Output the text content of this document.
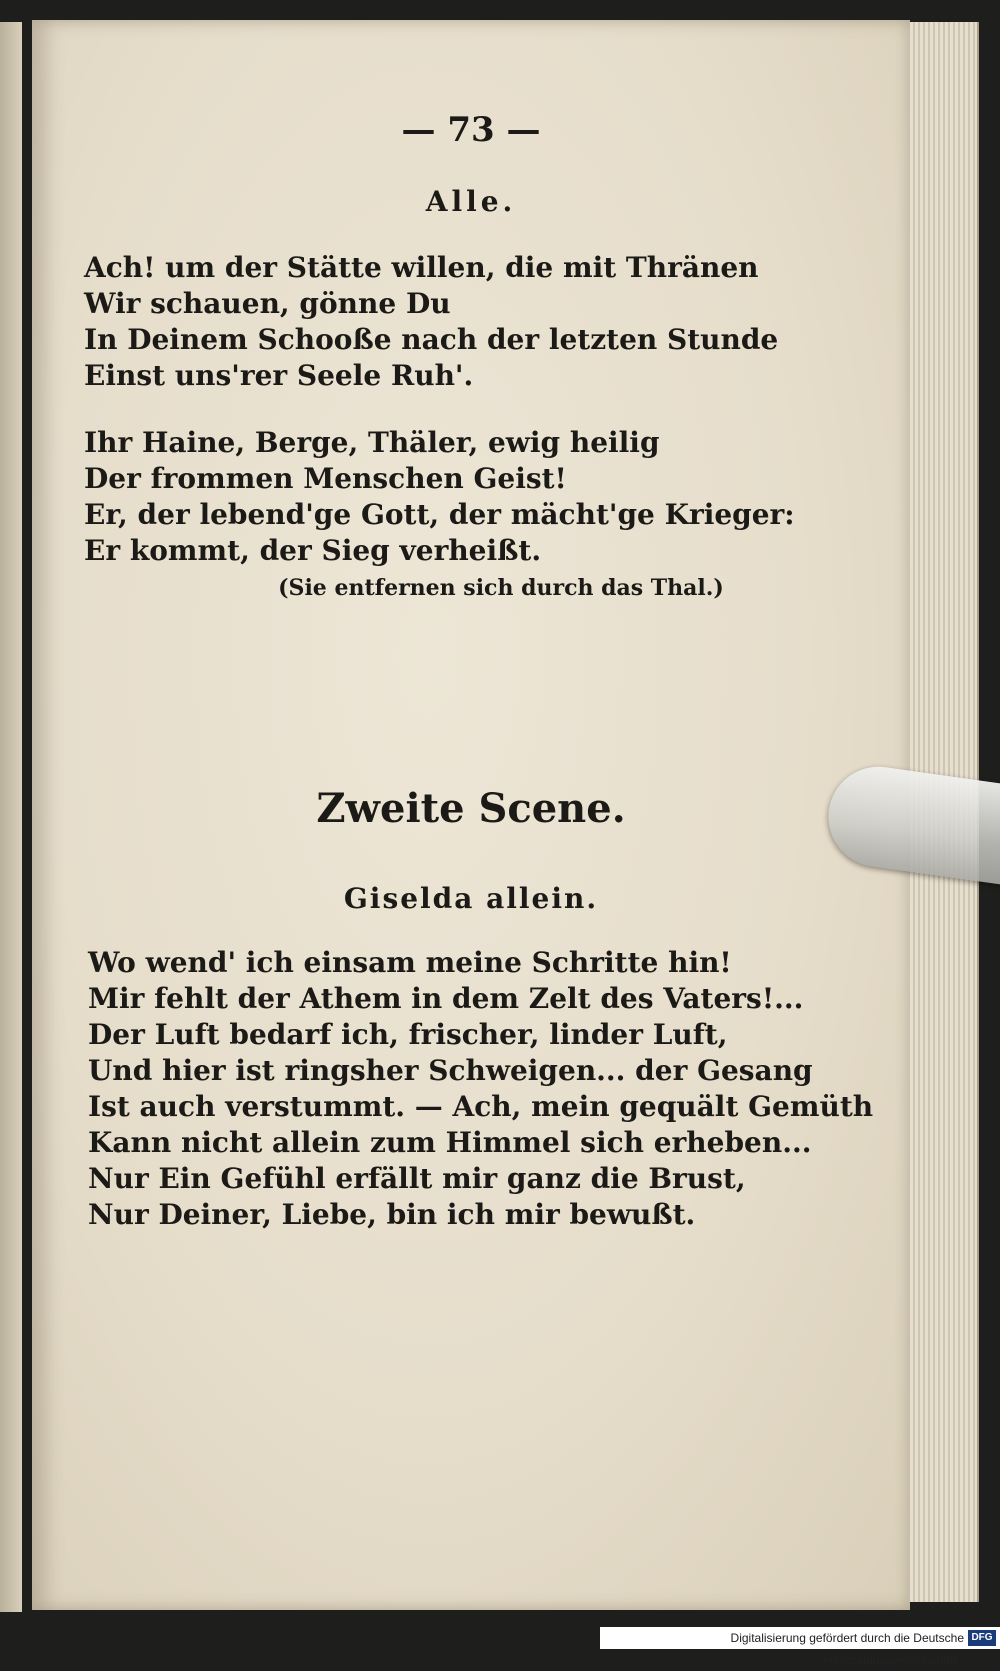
— 73 —
Alle.
Ach! um der Stätte willen, die mit Thränen
Wir schauen, gönne Du
In Deinem Schooße nach der letzten Stunde
Einst uns'rer Seele Ruh'.
Ihr Haine, Berge, Thäler, ewig heilig
Der frommen Menschen Geist!
Er, der lebend'ge Gott, der mächt'ge Krieger:
Er kommt, der Sieg verheißt.
(Sie entfernen sich durch das Thal.)
Zweite Scene.
Giselda allein.
Wo wend' ich einsam meine Schritte hin!
Mir fehlt der Athem in dem Zelt des Vaters!...
Der Luft bedarf ich, frischer, linder Luft,
Und hier ist ringsher Schweigen... der Gesang
Ist auch verstummt. — Ach, mein gequält Gemüth
Kann nicht allein zum Himmel sich erheben...
Nur Ein Gefühl erfällt mir ganz die Brust,
Nur Deiner, Liebe, bin ich mir bewußt.
Digitalisierung gefördert durch die Deutsche Forschungsgemeinschaft -
DFG
